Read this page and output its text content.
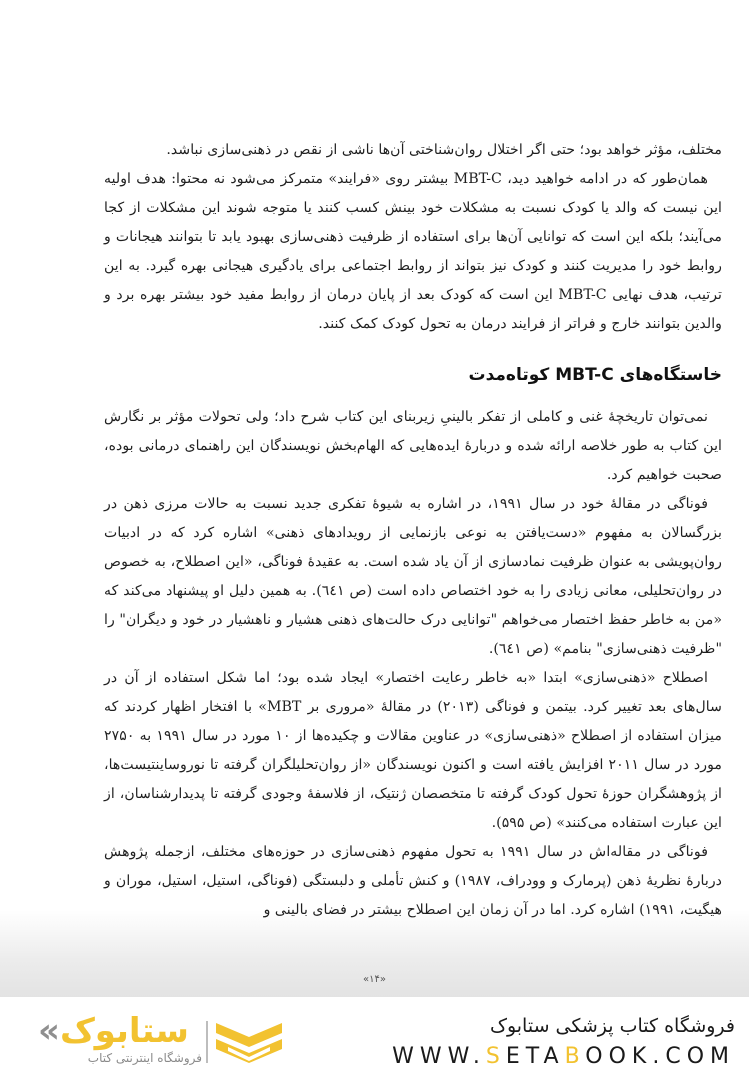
مختلف، مؤثر خواهد بود؛ حتی اگر اختلال روان‌شناختی آن‌ها ناشی از نقص در ذهنی‌سازی نباشد.

همان‌طور که در ادامه خواهید دید، MBT-C بیشتر روی «فرایند» متمرکز می‌شود نه محتوا: هدف اولیه این نیست که والد یا کودک نسبت به مشکلات خود بینش کسب کنند یا متوجه شوند این مشکلات از کجا می‌آیند؛ بلکه این است که توانایی آن‌ها برای استفاده از ظرفیت ذهنی‌سازی بهبود یابد تا بتوانند هیجانات و روابط خود را مدیریت کنند و کودک نیز بتواند از روابط اجتماعی برای یادگیری هیجانی بهره گیرد. به این ترتیب، هدف نهایی MBT-C این است که کودک بعد از پایان درمان از روابط مفید خود بیشتر بهره برد و والدین بتوانند خارج و فراتر از فرایند درمان به تحول کودک کمک کنند.

خاستگاه‌های MBT-C کوتاه‌مدت

نمی‌توان تاریخچهٔ غنی و کاملی از تفکر بالینیِ زیربنای این کتاب شرح داد؛ ولی تحولات مؤثر بر نگارش این کتاب به طور خلاصه ارائه شده و دربارهٔ ایده‌هایی که الهام‌بخش نویسندگان این راهنمای درمانی بوده، صحبت خواهیم کرد.

فوناگی در مقالهٔ خود در سال ۱۹۹۱، در اشاره به شیوهٔ تفکری جدید نسبت به حالات مرزی ذهن در بزرگسالان به مفهوم «دست‌یافتن به نوعی بازنمایی از رویدادهای ذهنی» اشاره کرد که در ادبیات روان‌پویشی به عنوان ظرفیت نمادسازی از آن یاد شده است. به عقیدهٔ فوناگی، «این اصطلاح، به خصوص در روان‌تحلیلی، معانی زیادی را به خود اختصاص داده است (ص ٦٤١). به همین دلیل او پیشنهاد می‌کند که «من به خاطر حفظ اختصار می‌خواهم "توانایی درک حالت‌های ذهنی هشیار و ناهشیار در خود و دیگران" را "ظرفیت ذهنی‌سازی" بنامم» (ص ٦٤١).

اصطلاح «ذهنی‌سازی» ابتدا «به خاطر رعایت اختصار» ایجاد شده بود؛ اما شکل استفاده از آن در سال‌های بعد تغییر کرد. بیتمن و فوناگی (۲۰۱۳) در مقالهٔ «مروری بر MBT» با افتخار اظهار کردند که میزان استفاده از اصطلاح «ذهنی‌سازی» در عناوین مقالات و چکیده‌ها از ۱۰ مورد در سال ۱۹۹۱ به ۲۷۵۰ مورد در سال ۲۰۱۱ افزایش یافته است و اکنون نویسندگان «از روان‌تحلیلگران گرفته تا نوروساینتیست‌ها، از پژوهشگران حوزهٔ تحول کودک گرفته تا متخصصان ژنتیک، از فلاسفهٔ وجودی گرفته تا پدیدارشناسان، از این عبارت استفاده می‌کنند» (ص ۵۹۵).

فوناگی در مقاله‌اش در سال ۱۹۹۱ به تحول مفهوم ذهنی‌سازی در حوزه‌های مختلف، ازجمله پژوهش دربارهٔ نظریهٔ ذهن (پرمارک و وودراف، ۱۹۸۷) و کنش تأملی و دلبستگی (فوناگی، استیل، استیل، موران و هیگیت، ۱۹۹۱) اشاره کرد. اما در آن زمان این اصطلاح بیشتر در فضای بالینی و

«۱۴»
«ستابوک
فروشگاه اینترنتی کتاب
فروشگاه کتاب پزشکی ستابوک
WWW.SETABOOK.COM
